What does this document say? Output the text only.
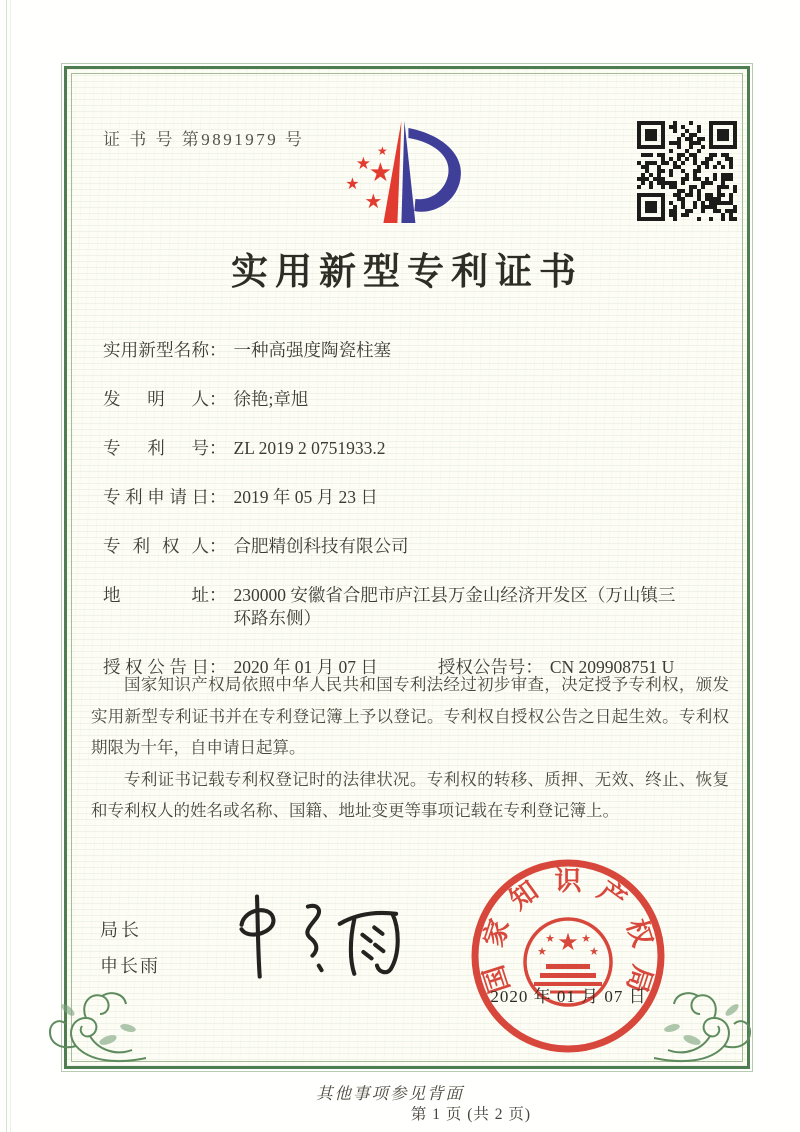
证 书 号 第9891979 号
★
★
★
★
★
实用新型专利证书
实用新型名称 ： 一种高强度陶瓷柱塞
发明人 ： 徐艳;章旭
专利号 ： ZL 2019 2 0751933.2
专利申请日 ： 2019 年 05 月 23 日
专利权人 ： 合肥精创科技有限公司
地址 ： 230000 安徽省合肥市庐江县万金山经济开发区（万山镇三环路东侧）
授权公告日 ： 2020 年 01 月 07 日	授权公告号 ： CN 209908751 U

国家知识产权局依照中华人民共和国专利法经过初步审查，决定授予专利权，颁发实用新型专利证书并在专利登记簿上予以登记。专利权自授权公告之日起生效。专利权期限为十年，自申请日起算。

专利证书记载专利权登记时的法律状况。专利权的转移、质押、无效、终止、恢复和专利权人的姓名或名称、国籍、地址变更等事项记载在专利登记簿上。

第 1 页 (共 2 页)
局长
申长雨
★
★ ★
★	★
国
家
知 识 产
权
局
2020 年 01 月 07 日
其他事项参见背面
